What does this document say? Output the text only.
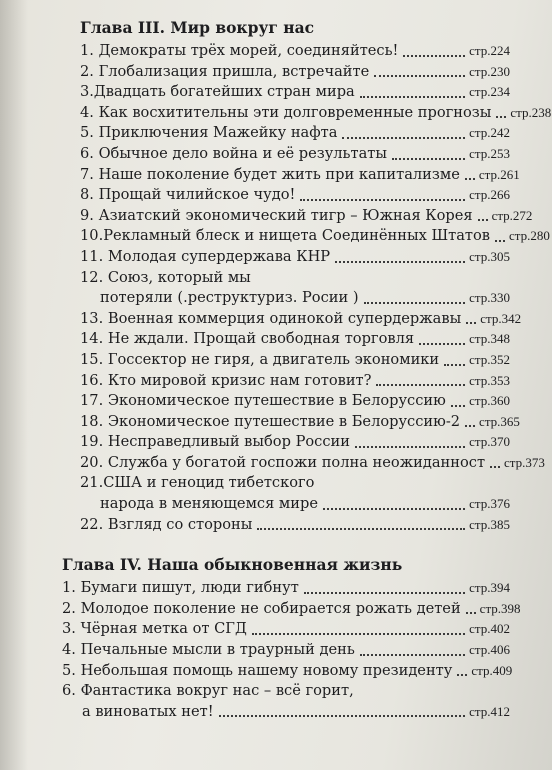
Глава III. Мир вокруг нас
1. Демократы трёх морей, соединяйтесь!	стр.224
2. Глобализация пришла, встречайте	стр.230
3.Двадцать богатейших стран мира	стр.234
4. Как восхитительны эти долговременные прогнозы стр.238
5. Приключения Мажейку нафта	стр.242
6. Обычное дело война и её результаты	стр.253
7. Наше поколение будет жить при капитализме стр.261
8. Прощай чилийское чудо!	стр.266
9. Азиатский экономический тигр – Южная Корея стр.272
10.Рекламный блеск и нищета Соединённых Штатов стр.280
11. Молодая супердержава КНР	стр.305
12. Союз, который мы
потеряли (.реструктуриз. Росии )	стр.330
13. Военная коммерция одинокой супердержавы стр.342
14. Не ждали. Прощай свободная торговля	стр.348
15. Госсектор не гиря, а двигатель экономики стр.352
16. Кто мировой кризис нам готовит?	стр.353
17. Экономическое путешествие в Белоруссию стр.360
18. Экономическое путешествие в Белоруссию-2 стр.365
19. Несправедливый выбор России	стр.370
20. Служба у богатой госпожи полна неожиданност стр.373
21.США и геноцид тибетского
народа в меняющемся мире	стр.376
22. Взгляд со стороны	стр.385
Глава IV. Наша обыкновенная жизнь
1. Бумаги пишут, люди гибнут	стр.394
2. Молодое поколение не собирается рожать детей стр.398
3. Чёрная метка от СГД	стр.402
4. Печальные мысли в траурный день	стр.406
5. Небольшая помощь нашему новому президенту стр.409
6. Фантастика вокруг нас – всё горит,
а виноватых нет!	стр.412
